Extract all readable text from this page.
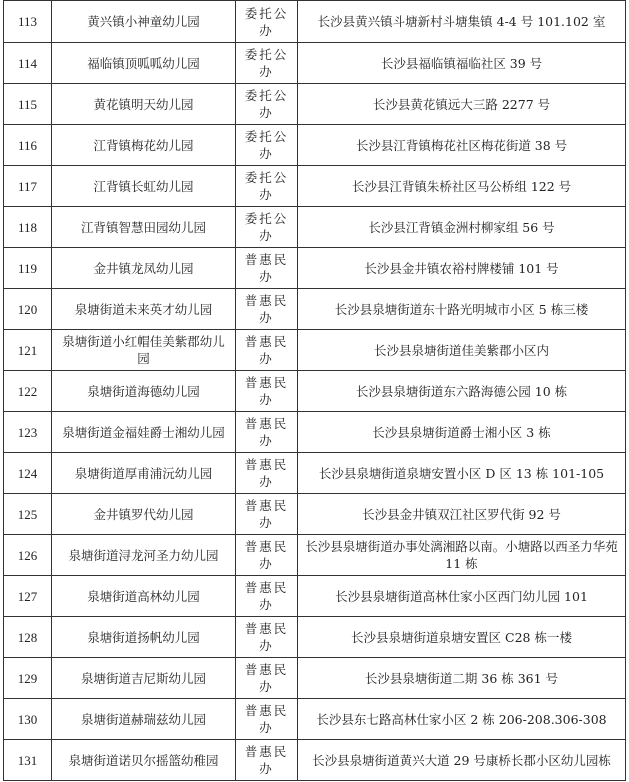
113	黄兴镇小神童幼儿园	委托公办	长沙县黄兴镇斗塘新村斗塘集镇 4-4 号 101.102 室
114	福临镇顶呱呱幼儿园	委托公办	长沙县福临镇福临社区 39 号
115	黄花镇明天幼儿园	委托公办	长沙县黄花镇远大三路 2277 号
116	江背镇梅花幼儿园	委托公办	长沙县江背镇梅花社区梅花街道 38 号
117	江背镇长虹幼儿园	委托公办	长沙县江背镇朱桥社区马公桥组 122 号
118	江背镇智慧田园幼儿园	委托公办	长沙县江背镇金洲村柳家组 56 号
119	金井镇龙凤幼儿园	普惠民办	长沙县金井镇农裕村牌楼铺 101 号
120	泉塘街道未来英才幼儿园	普惠民办	长沙县泉塘街道东十路光明城市小区 5 栋三楼
121	泉塘街道小红帽佳美紫郡幼儿园	普惠民办	长沙县泉塘街道佳美紫郡小区内
122	泉塘街道海德幼儿园	普惠民办	长沙县泉塘街道东六路海德公园 10 栋
123	泉塘街道金福娃爵士湘幼儿园	普惠民办	长沙县泉塘街道爵士湘小区 3 栋
124	泉塘街道厚甫浦沅幼儿园	普惠民办	长沙县泉塘街道泉塘安置小区 D 区 13 栋 101-105
125	金井镇罗代幼儿园	普惠民办	长沙县金井镇双江社区罗代街 92 号
126	泉塘街道浔龙河圣力幼儿园	普惠民办	长沙县泉塘街道办事处漓湘路以南。小塘路以西圣力华苑 11 栋
127	泉塘街道高林幼儿园	普惠民办	长沙县泉塘街道高林仕家小区西门幼儿园 101
128	泉塘街道扬帆幼儿园	普惠民办	长沙县泉塘街道泉塘安置区 C28 栋一楼
129	泉塘街道吉尼斯幼儿园	普惠民办	长沙县泉塘街道二期 36 栋 361 号
130	泉塘街道赫瑞兹幼儿园	普惠民办	长沙县东七路高林仕家小区 2 栋 206-208.306-308
131	泉塘街道诺贝尔摇篮幼稚园	普惠民办	长沙县泉塘街道黄兴大道 29 号康桥长郡小区幼儿园栋
